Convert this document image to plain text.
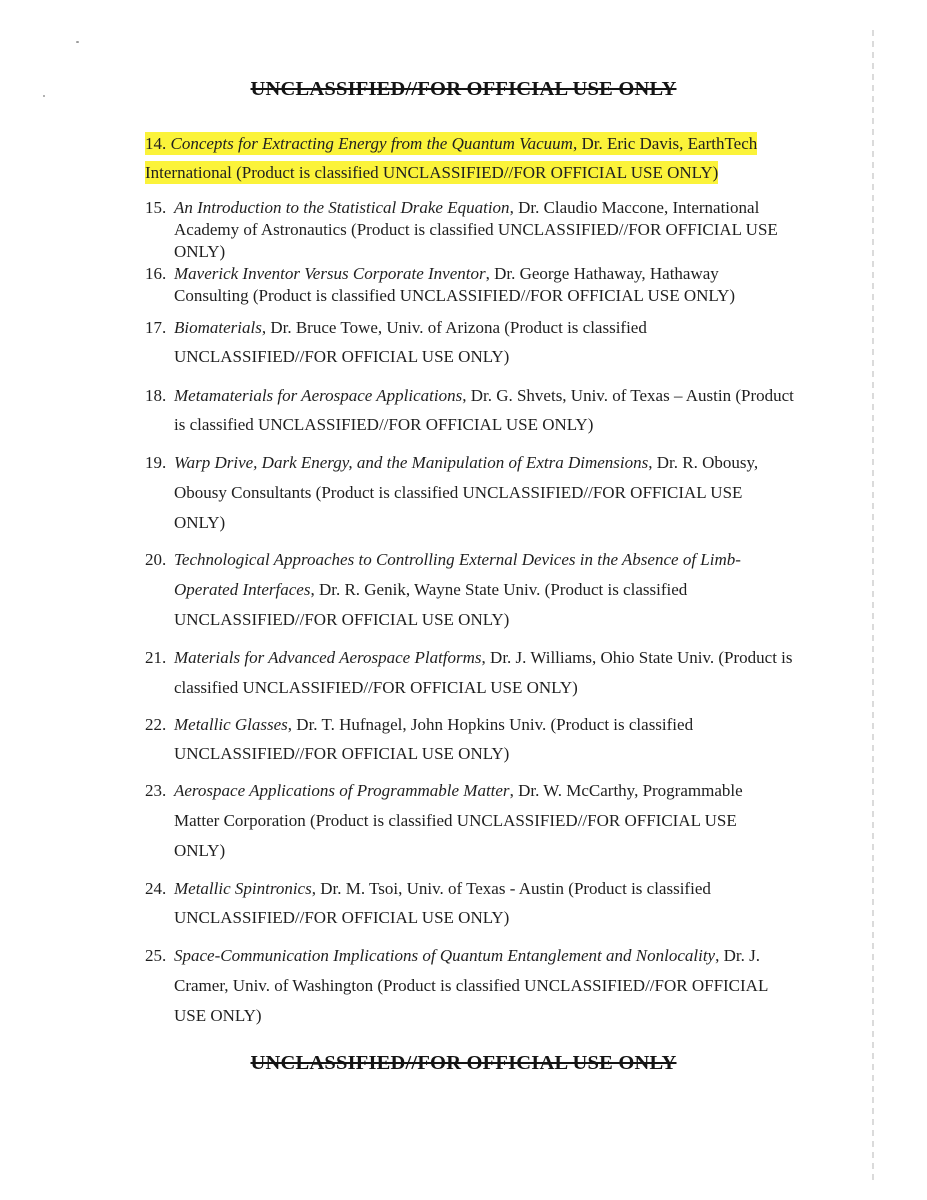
UNCLASSIFIED//FOR OFFICIAL USE ONLY
14. Concepts for Extracting Energy from the Quantum Vacuum, Dr. Eric Davis, EarthTech International (Product is classified UNCLASSIFIED//FOR OFFICIAL USE ONLY)
15. An Introduction to the Statistical Drake Equation, Dr. Claudio Maccone, International Academy of Astronautics (Product is classified UNCLASSIFIED//FOR OFFICIAL USE ONLY)
16. Maverick Inventor Versus Corporate Inventor, Dr. George Hathaway, Hathaway Consulting (Product is classified UNCLASSIFIED//FOR OFFICIAL USE ONLY)
17. Biomaterials, Dr. Bruce Towe, Univ. of Arizona (Product is classified UNCLASSIFIED//FOR OFFICIAL USE ONLY)
18. Metamaterials for Aerospace Applications, Dr. G. Shvets, Univ. of Texas – Austin (Product is classified UNCLASSIFIED//FOR OFFICIAL USE ONLY)
19. Warp Drive, Dark Energy, and the Manipulation of Extra Dimensions, Dr. R. Obousy, Obousy Consultants (Product is classified UNCLASSIFIED//FOR OFFICIAL USE ONLY)
20. Technological Approaches to Controlling External Devices in the Absence of Limb-Operated Interfaces, Dr. R. Genik, Wayne State Univ. (Product is classified UNCLASSIFIED//FOR OFFICIAL USE ONLY)
21. Materials for Advanced Aerospace Platforms, Dr. J. Williams, Ohio State Univ. (Product is classified UNCLASSIFIED//FOR OFFICIAL USE ONLY)
22. Metallic Glasses, Dr. T. Hufnagel, John Hopkins Univ. (Product is classified UNCLASSIFIED//FOR OFFICIAL USE ONLY)
23. Aerospace Applications of Programmable Matter, Dr. W. McCarthy, Programmable Matter Corporation (Product is classified UNCLASSIFIED//FOR OFFICIAL USE ONLY)
24. Metallic Spintronics, Dr. M. Tsoi, Univ. of Texas - Austin (Product is classified UNCLASSIFIED//FOR OFFICIAL USE ONLY)
25. Space-Communication Implications of Quantum Entanglement and Nonlocality, Dr. J. Cramer, Univ. of Washington (Product is classified UNCLASSIFIED//FOR OFFICIAL USE ONLY)
UNCLASSIFIED//FOR OFFICIAL USE ONLY
